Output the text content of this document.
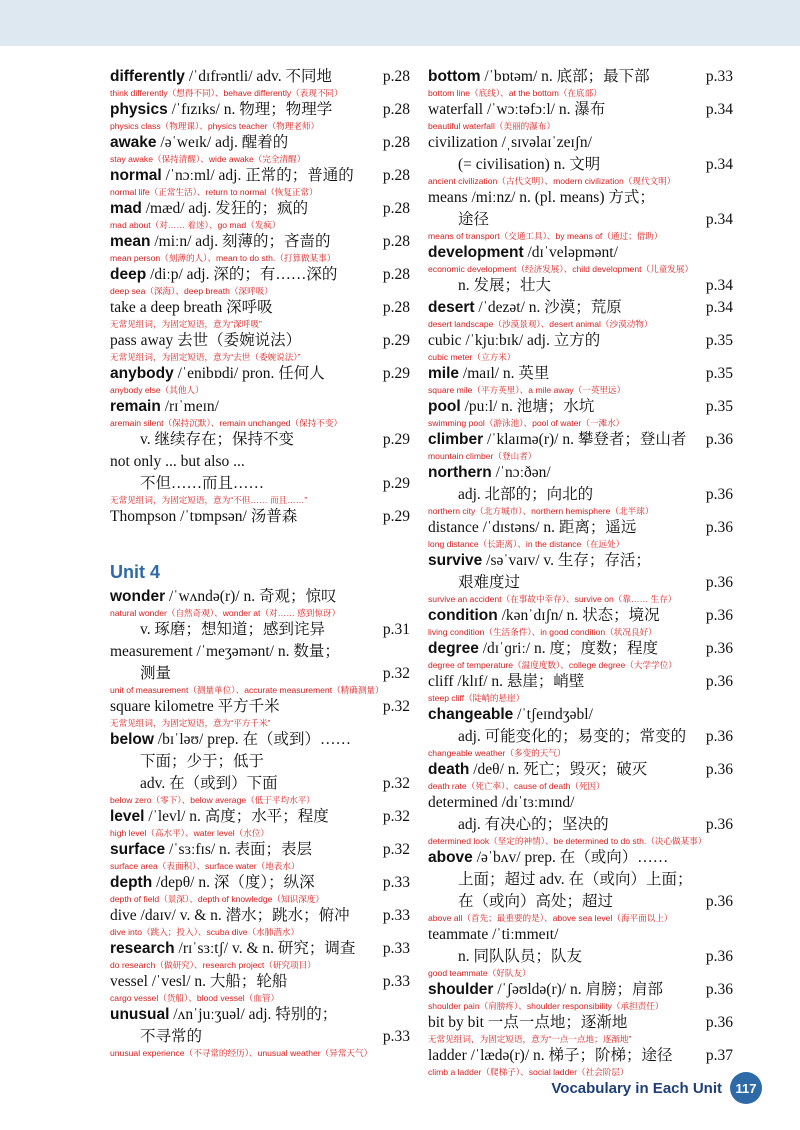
differently /ˈdɪfrəntli/ adv. 不同地	p.28
think differently（想得不同）、behave differently（表现不同）
physics /ˈfɪzɪks/ n. 物理；物理学	p.28
physics class（物理课）、physics teacher（物理老师）
awake /əˈweɪk/ adj. 醒着的	p.28
stay awake（保持清醒）、wide awake（完全清醒）
normal /ˈnɔːml/ adj. 正常的；普通的 p.28
normal life（正常生活）、return to normal（恢复正常）
mad /mæd/ adj. 发狂的；疯的	p.28
mad about（对…… 着迷）、go mad（发疯）
mean /miːn/ adj. 刻薄的；吝啬的	p.28
mean person（刻薄的人）、mean to do sth.（打算做某事）
deep /diːp/ adj. 深的；有……深的	p.28
deep sea（深海）、deep breath（深呼吸）
take a deep breath 深呼吸	p.28
无常见组词，为固定短语，意为“深呼吸”
pass away 去世（委婉说法）	p.29
无常见组词，为固定短语，意为“去世（委婉说法）”
anybody /ˈenibɒdi/ pron. 任何人	p.29
anybody else（其他人）
remain /rɪˈmeɪn/
aremain silent（保持沉默）、remain unchanged（保持不变）
v. 继续存在；保持不变	p.29
not only ... but also ...
不但……而且……	p.29
无常见组词，为固定短语，意为“不但…… 而且……”
Thompson /ˈtɒmpsən/ 汤普森	p.29
Unit 4
wonder /ˈwʌndə(r)/ n. 奇观；惊叹
natural wonder（自然奇观）、wonder at（对…… 感到惊讶）
v. 琢磨；想知道；感到诧异	p.31
measurement /ˈmeʒəmənt/ n. 数量；
测量	p.32
unit of measurement（测量单位）、accurate measurement（精确测量）
square kilometre 平方千米	p.32
无常见组词，为固定短语，意为“平方千米”
below /bɪˈləʊ/ prep. 在（或到）……
下面；少于；低于
adv. 在（或到）下面	p.32
below zero（零下）、below average（低于平均水平）
level /ˈlevl/ n. 高度；水平；程度	p.32
high level（高水平）、water level（水位）
surface /ˈsɜːfɪs/ n. 表面；表层	p.32
surface area（表面积）、surface water（地表水）
depth /depθ/ n. 深（度）；纵深	p.33
depth of field（景深）、depth of knowledge（知识深度）
dive /daɪv/ v. & n. 潜水；跳水；俯冲 p.33
dive into（跳入；投入）、scuba dive（水肺潜水）
research /rɪˈsɜːtʃ/ v. & n. 研究；调查 p.33
do research（做研究）、research project（研究项目）
vessel /ˈvesl/ n. 大船；轮船	p.33
cargo vessel（货船）、blood vessel（血管）
unusual /ʌnˈjuːʒuəl/ adj. 特别的；
不寻常的	p.33
unusual experience（不寻常的经历）、unusual weather（异常天气）
bottom /ˈbɒtəm/ n. 底部；最下部	p.33
bottom line（底线）、at the bottom（在底部）
waterfall /ˈwɔːtəfɔːl/ n. 瀑布	p.34
beautiful waterfall（美丽的瀑布）
civilization /ˌsɪvəlaɪˈzeɪʃn/
(= civilisation) n. 文明	p.34
ancient civilization（古代文明）、modern civilization（现代文明）
means /miːnz/ n. (pl. means) 方式；
途径	p.34
means of transport（交通工具）、by means of（通过；借助）
development /dɪˈveləpmənt/
economic development（经济发展）、child development（儿童发展）
n. 发展；壮大	p.34
desert /ˈdezət/ n. 沙漠；荒原	p.34
desert landscape（沙漠景观）、desert animal（沙漠动物）
cubic /ˈkjuːbɪk/ adj. 立方的	p.35
cubic meter（立方米）
mile /maɪl/ n. 英里	p.35
square mile（平方英里）、a mile away（一英里远）
pool /puːl/ n. 池塘；水坑	p.35
swimming pool（游泳池）、pool of water（一滩水）
climber /ˈklaɪmə(r)/ n. 攀登者；登山者 p.36
mountain climber（登山者）
northern /ˈnɔːðən/
adj. 北部的；向北的	p.36
northern city（北方城市）、northern hemisphere（北半球）
distance /ˈdɪstəns/ n. 距离；遥远	p.36
long distance（长距离）、in the distance（在远处）
survive /səˈvaɪv/ v. 生存；存活；
艰难度过	p.36
survive an accident（在事故中幸存）、survive on（靠…… 生存）
condition /kənˈdɪʃn/ n. 状态；境况	p.36
living condition（生活条件）、in good condition（状况良好）
degree /dɪˈɡriː/ n. 度；度数；程度	p.36
degree of temperature（温度度数）、college degree（大学学位）
cliff /klɪf/ n. 悬崖；峭壁	p.36
steep cliff（陡峭的悬崖）
changeable /ˈtʃeɪndʒəbl/
adj. 可能变化的；易变的；常变的 p.36
changeable weather（多变的天气）
death /deθ/ n. 死亡；毁灭；破灭	p.36
death rate（死亡率）、cause of death（死因）
determined /dɪˈtɜːmɪnd/
adj. 有决心的；坚决的	p.36
determined look（坚定的神情）、be determined to do sth.（决心做某事）
above /əˈbʌv/ prep. 在（或向）……
上面；超过 adv. 在（或向）上面；
在（或向）高处；超过	p.36
above all（首先；最重要的是）、above sea level（海平面以上）
teammate /ˈtiːmmeɪt/
n. 同队队员；队友	p.36
good teammate（好队友）
shoulder /ˈʃəʊldə(r)/ n. 肩膀；肩部	p.36
shoulder pain（肩膀疼）、shoulder responsibility（承担责任）
bit by bit 一点一点地；逐渐地	p.36
无常见组词，为固定短语，意为“一点一点地；逐渐地”
ladder /ˈlædə(r)/ n. 梯子；阶梯；途径 p.37
climb a ladder（爬梯子）、social ladder（社会阶层）
Vocabulary in Each Unit	117
